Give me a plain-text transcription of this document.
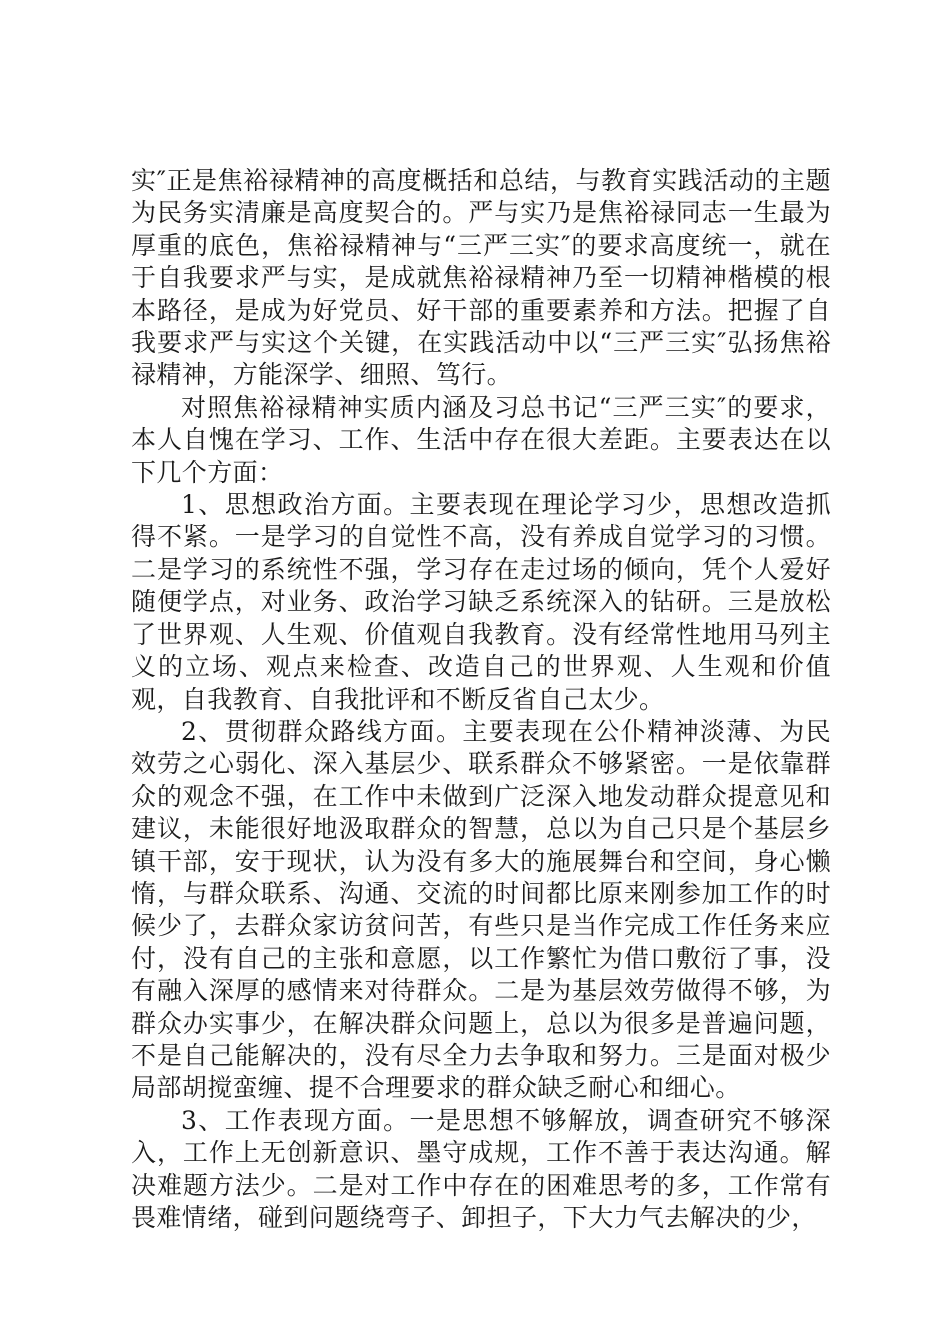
实″正是焦裕禄精神的高度概括和总结，与教育实践活动的主题为民务实清廉是高度契合的。严与实乃是焦裕禄同志一生最为厚重的底色，焦裕禄精神与“三严三实″的要求高度统一，就在于自我要求严与实，是成就焦裕禄精神乃至一切精神楷模的根本路径，是成为好党员、好干部的重要素养和方法。把握了自我要求严与实这个关键，在实践活动中以“三严三实″弘扬焦裕禄精神，方能深学、细照、笃行。

对照焦裕禄精神实质内涵及习总书记“三严三实″的要求，本人自愧在学习、工作、生活中存在很大差距。主要表达在以下几个方面：

1、思想政治方面。主要表现在理论学习少，思想改造抓得不紧。一是学习的自觉性不高，没有养成自觉学习的习惯。二是学习的系统性不强，学习存在走过场的倾向，凭个人爱好随便学点，对业务、政治学习缺乏系统深入的钻研。三是放松了世界观、人生观、价值观自我教育。没有经常性地用马列主义的立场、观点来检查、改造自己的世界观、人生观和价值观，自我教育、自我批评和不断反省自己太少。

2、贯彻群众路线方面。主要表现在公仆精神淡薄、为民效劳之心弱化、深入基层少、联系群众不够紧密。一是依靠群众的观念不强，在工作中未做到广泛深入地发动群众提意见和建议，未能很好地汲取群众的智慧，总以为自己只是个基层乡镇干部，安于现状，认为没有多大的施展舞台和空间，身心懒惰，与群众联系、沟通、交流的时间都比原来刚参加工作的时候少了，去群众家访贫问苦，有些只是当作完成工作任务来应付，没有自己的主张和意愿，以工作繁忙为借口敷衍了事，没有融入深厚的感情来对待群众。二是为基层效劳做得不够，为群众办实事少，在解决群众问题上，总以为很多是普遍问题，不是自己能解决的，没有尽全力去争取和努力。三是面对极少局部胡搅蛮缠、提不合理要求的群众缺乏耐心和细心。

3、工作表现方面。一是思想不够解放，调查研究不够深入，工作上无创新意识、墨守成规，工作不善于表达沟通。解决难题方法少。二是对工作中存在的困难思考的多，工作常有畏难情绪，碰到问题绕弯子、卸担子，下大力气去解决的少，
